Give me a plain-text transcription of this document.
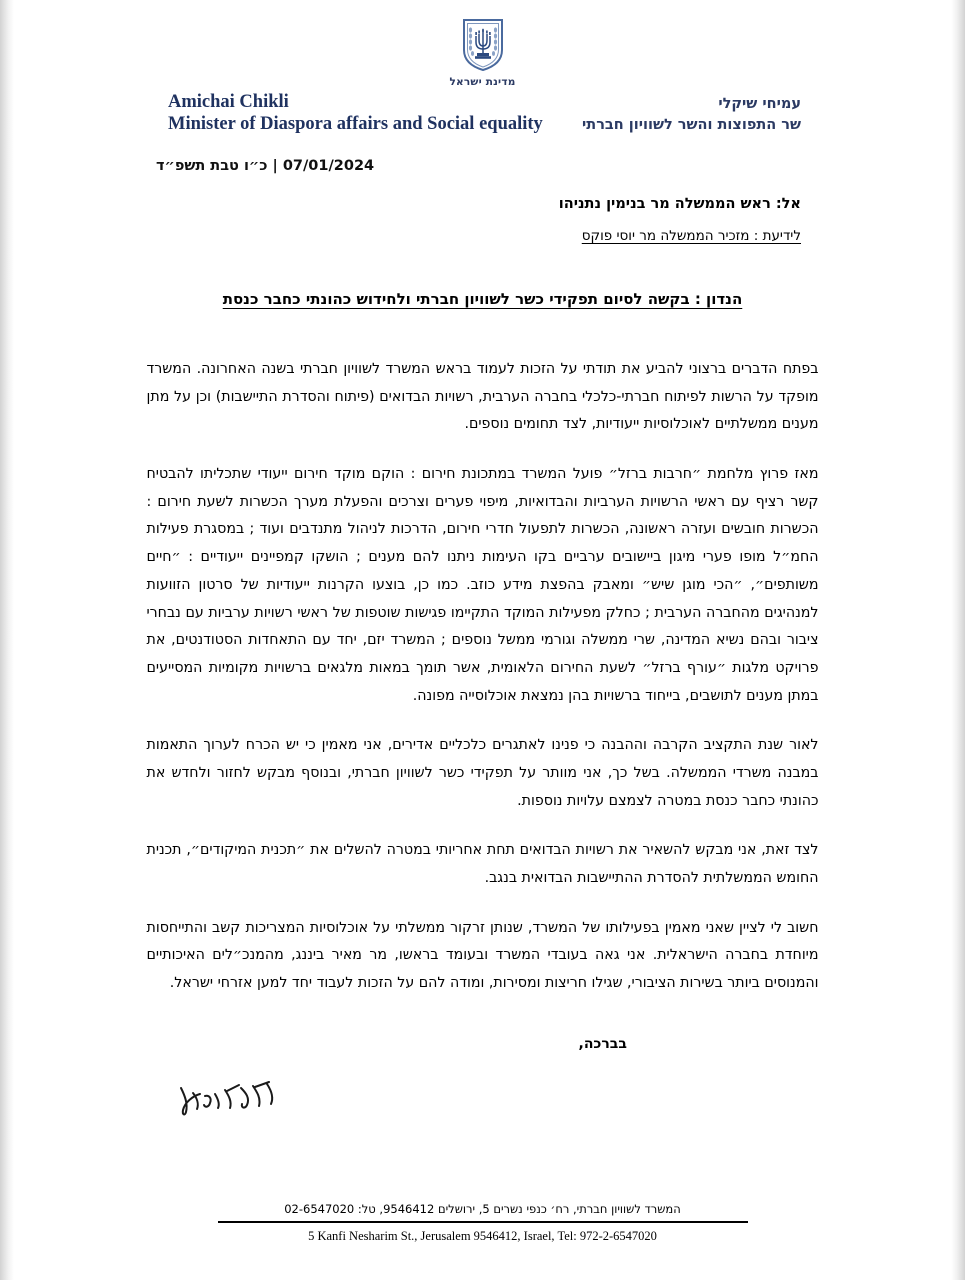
מדינת ישראל
Amichai Chikli
Minister of Diaspora affairs and Social equality
עמיחי שיקלי
שר התפוצות והשר לשוויון חברתי
07/01/2024 | כ״ו טבת תשפ״ד
אל: ראש הממשלה מר בנימין נתניהו
לידיעת : מזכיר הממשלה מר יוסי פוקס
הנדון : בקשה לסיום תפקידי כשר לשוויון חברתי ולחידוש כהונתי כחבר כנסת

בפתח הדברים ברצוני להביע את תודתי על הזכות לעמוד בראש המשרד לשוויון חברתי בשנה האחרונה. המשרד מופקד על הרשות לפיתוח חברתי-כלכלי בחברה הערבית, רשויות הבדואים (פיתוח והסדרת התיישבות) וכן על מתן מענים ממשלתיים לאוכלוסיות ייעודיות, לצד תחומים נוספים.

מאז פרוץ מלחמת ״חרבות ברזל״ פועל המשרד במתכונת חירום : הוקם מוקד חירום ייעודי שתכליתו להבטיח קשר רציף עם ראשי הרשויות הערביות והבדואיות, מיפוי פערים וצרכים והפעלת מערך הכשרות לשעת חירום : הכשרות חובשים ועזרה ראשונה, הכשרות לתפעול חדרי חירום, הדרכות לניהול מתנדבים ועוד ; במסגרת פעילות החמ״ל מופו פערי מיגון ביישובים ערביים בקו העימות ניתנו להם מענים ; הושקו קמפיינים ייעודיים : ״חיים משותפים״, ״הכי מוגן שיש״ ומאבק בהפצת מידע כוזב. כמו כן, בוצעו הקרנות ייעודיות של סרטון הזוועות למנהיגים מהחברה הערבית ; כחלק מפעילות המוקד התקיימו פגישות שוטפות של ראשי רשויות ערביות עם נבחרי ציבור ובהם נשיא המדינה, שרי ממשלה וגורמי ממשל נוספים ; המשרד יזם, יחד עם התאחדות הסטודנטים, את פרויקט מלגות ״עורף ברזל״ לשעת החירום הלאומית, אשר תומך במאות מלגאים ברשויות מקומיות המסייעים במתן מענים לתושבים, בייחוד ברשויות בהן נמצאת אוכלוסייה מפונה.

לאור שנת התקציב הקרבה וההבנה כי פנינו לאתגרים כלכליים אדירים, אני מאמין כי יש הכרח לערוך התאמות במבנה משרדי הממשלה. בשל כך, אני מוותר על תפקידי כשר לשוויון חברתי, ובנוסף מבקש לחזור ולחדש את כהונתי כחבר כנסת במטרה לצמצם עלויות נוספות.

לצד זאת, אני מבקש להשאיר את רשויות הבדואים תחת אחריותי במטרה להשלים את ״תכנית המיקודים״, תכנית החומש הממשלתית להסדרת ההתיישבות הבדואית בנגב.

חשוב לי לציין שאני מאמין בפעילותו של המשרד, שנותן זרקור ממשלתי על אוכלוסיות המצריכות קשב והתייחסות מיוחדת בחברה הישראלית. אני גאה בעובדי המשרד ובעומד בראשו, מר מאיר ביננג, מהמנכ״לים האיכותיים והמנוסים ביותר בשירות הציבורי, שגילו חריצות ומסירות, ומודה להם על הזכות לעבוד יחד למען אזרחי ישראל.

בברכה,
המשרד לשוויון חברתי, רח׳ כנפי נשרים 5, ירושלים 9546412, טל: 02-6547020
5 Kanfi Nesharim St., Jerusalem 9546412, Israel, Tel: 972-2-6547020
